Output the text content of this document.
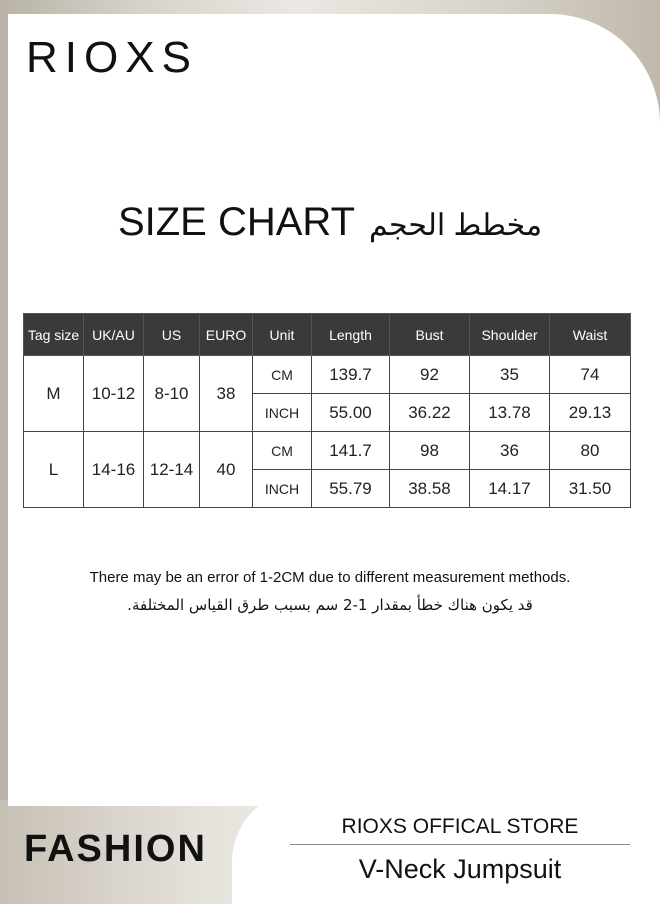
RIOXS
SIZE CHART مخطط الحجم
Tag size	UK/AU	US	EURO	Unit	Length	Bust	Shoulder	Waist
M	10-12	8-10	38	CM	139.7	92	35	74
				INCH	55.00	36.22	13.78	29.13
L	14-16	12-14	40	CM	141.7	98	36	80
				INCH	55.79	38.58	14.17	31.50
There may be an error of 1-2CM due to different measurement methods.
قد يكون هناك خطأ بمقدار 1-2 سم بسبب طرق القياس المختلفة.
FASHION
RIOXS OFFICAL STORE
V-Neck Jumpsuit
